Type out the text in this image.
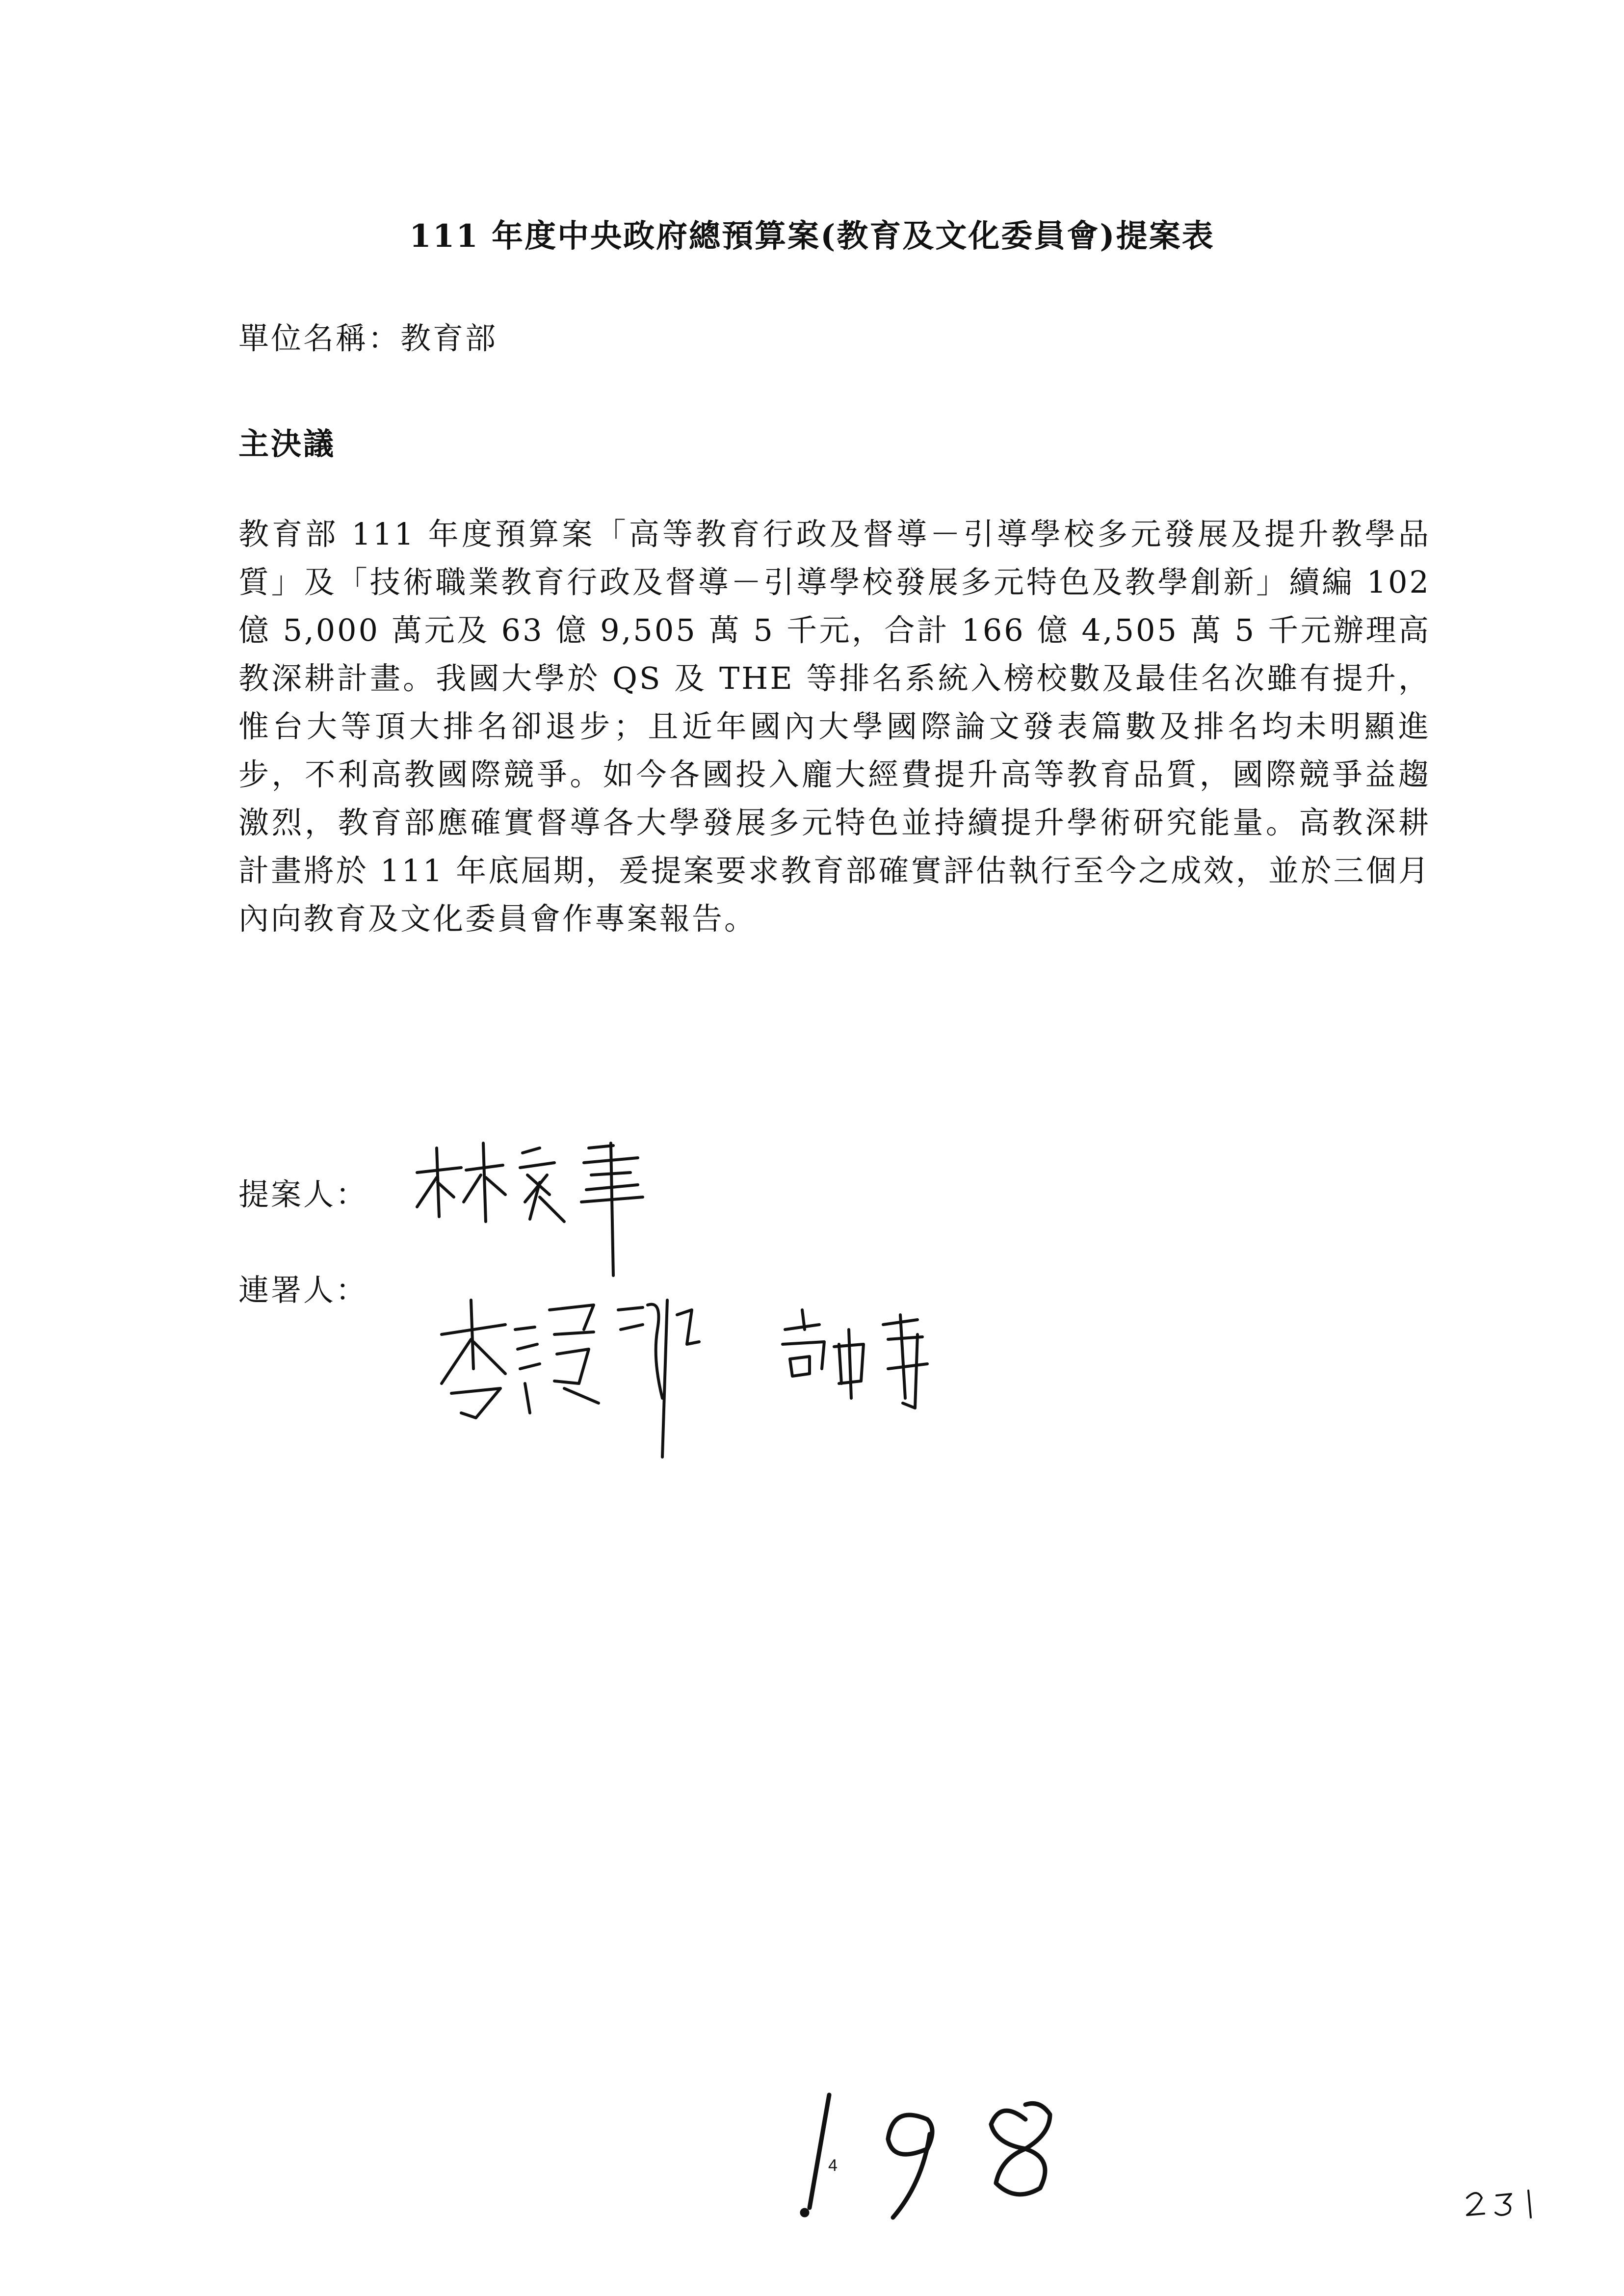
111 年度中央政府總預算案(教育及文化委員會)提案表
單位名稱：教育部
主決議
教育部 111 年度預算案「高等教育行政及督導－引導學校多元發展及提升教學品質」及「技術職業教育行政及督導－引導學校發展多元特色及教學創新」續編 102 億 5,000 萬元及 63 億 9,505 萬 5 千元，合計 166 億 4,505 萬 5 千元辦理高教深耕計畫。我國大學於 QS 及 THE 等排名系統入榜校數及最佳名次雖有提升，惟台大等頂大排名卻退步；且近年國內大學國際論文發表篇數及排名均未明顯進步，不利高教國際競爭。如今各國投入龐大經費提升高等教育品質，國際競爭益趨激烈，教育部應確實督導各大學發展多元特色並持續提升學術研究能量。高教深耕計畫將於 111 年底屆期，爰提案要求教育部確實評估執行至今之成效，並於三個月內向教育及文化委員會作專案報告。
提案人：
連署人：
4
